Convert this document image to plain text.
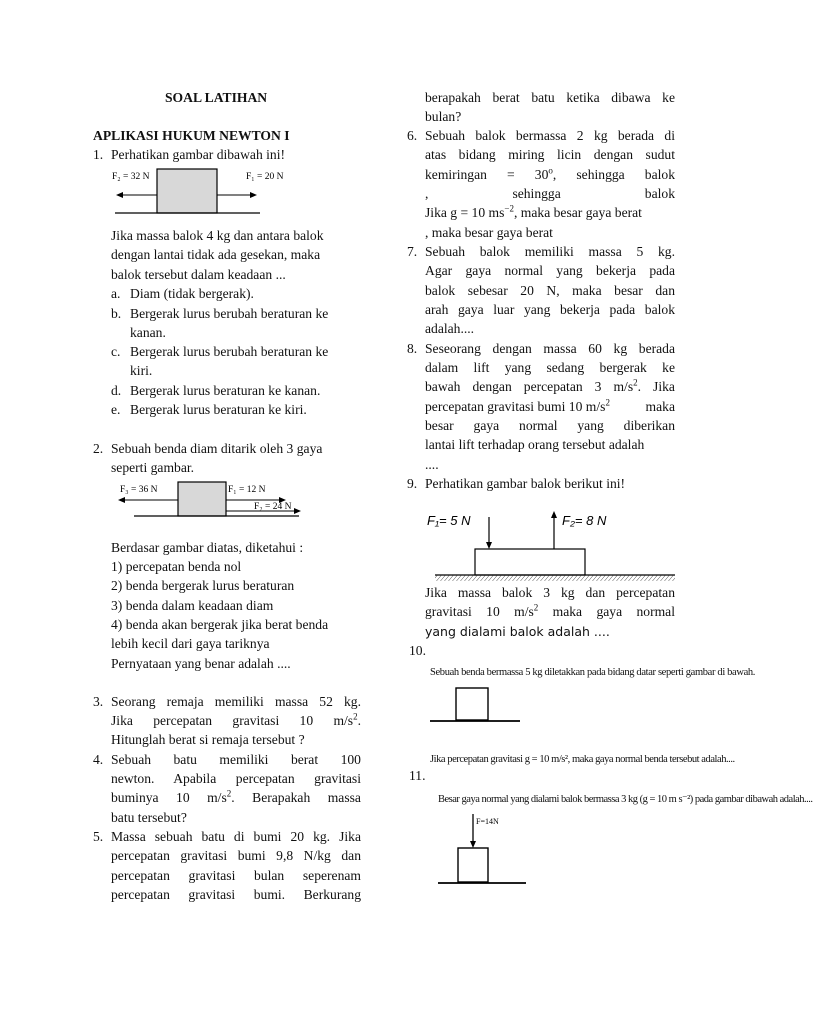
SOAL LATIHAN
APLIKASI HUKUM NEWTON I
1. Perhatikan gambar dibawah ini!
F₂ = 32 N	F₁ = 20 N
Jika massa balok 4 kg dan antara balok
dengan lantai tidak ada gesekan, maka
balok tersebut dalam keadaan ...
a. Diam (tidak bergerak).
b. Bergerak lurus berubah beraturan ke
kanan.
c. Bergerak lurus berubah beraturan ke
kiri.
d. Bergerak lurus beraturan ke kanan.
e. Bergerak lurus beraturan ke kiri.
2. Sebuah benda diam ditarik oleh 3 gaya
seperti gambar.
F₃ = 36 N	F₁ = 12 N
F₂ = 24 N
Berdasar gambar diatas, diketahui :
1) percepatan benda nol
2) benda bergerak lurus beraturan
3) benda dalam keadaan diam
4) benda akan bergerak jika berat benda
lebih kecil dari gaya tariknya
Pernyataan yang benar adalah ....
3. Seorang remaja memiliki massa 52 kg.
Jika percepatan gravitasi 10 $m/s^2$.
Hitunglah berat si remaja tersebut ?
4. Sebuah batu memiliki berat 100
newton. Apabila percepatan gravitasi
buminya 10 $m/s^2$. Berapakah massa
batu tersebut?
5. Massa sebuah batu di bumi 20 kg. Jika
percepatan gravitasi bumi 9,8 N/kg dan
percepatan gravitasi bulan seperenam
percepatan gravitasi bumi. Berkurang
berapakah berat batu ketika dibawa ke
bulan?
6. Sebuah balok bermassa 2 kg berada di
atas bidang miring licin dengan sudut
kemiringan = $30^o$, sehingga balok
, sehingga balok
Jika g = 10 $ms^{-2}$, maka besar gaya berat
, maka besar gaya berat
7. Sebuah balok memiliki massa 5 kg.
Agar gaya normal yang bekerja pada
balok sebesar 20 N, maka besar dan
arah gaya luar yang bekerja pada balok
adalah....
8. Seseorang dengan massa 60 kg berada
dalam lift yang sedang bergerak ke
bawah dengan percepatan 3 $m/s^2$. Jika
percepatan gravitasi bumi 10 $m/s^2$	maka
besar gaya normal yang diberikan
lantai lift terhadap orang tersebut adalah
....
9. Perhatikan gambar balok berikut ini!
F₁= 5 N	F₂= 8 N
Jika massa balok 3 kg dan percepatan
gravitasi 10 $m/s^2$ maka gaya normal
yang dialami balok adalah ....
10.
Sebuah benda bermassa 5 kg diletakkan pada bidang datar seperti gambar di bawah.
Jika percepatan gravitasi g = 10 m/s², maka gaya normal benda tersebut adalah....
11.
Besar gaya normal yang dialami balok bermassa 3 kg (g = 10 m s⁻²) pada gambar dibawah adalah....
F=14N
